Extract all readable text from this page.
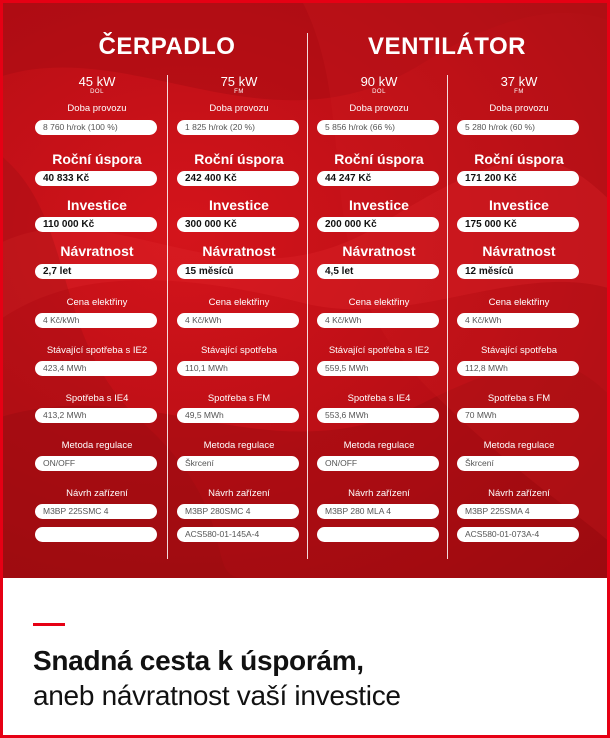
ČERPADLO	VENTILÁTOR
45 kW
DOL
Doba provozu
8 760 h/rok (100 %)
Roční úspora
40 833 Kč
Investice
110 000 Kč
Návratnost
2,7 let
Cena elektřiny
4 Kč/kWh
Stávající spotřeba s IE2
423,4 MWh
Spotřeba s IE4
413,2 MWh
Metoda regulace
ON/OFF
Návrh zařízení
M3BP 225SMC 4
75 kW
FM
Doba provozu
1 825 h/rok (20 %)
Roční úspora
242 400 Kč
Investice
300 000 Kč
Návratnost
15 měsíců
Cena elektřiny
4 Kč/kWh
Stávající spotřeba
110,1 MWh
Spotřeba s FM
49,5 MWh
Metoda regulace
Škrcení
Návrh zařízení
M3BP 280SMC 4
ACS580-01-145A-4
90 kW
DOL
Doba provozu
5 856 h/rok (66 %)
Roční úspora
44 247 Kč
Investice
200 000 Kč
Návratnost
4,5 let
Cena elektřiny
4 Kč/kWh
Stávající spotřeba s IE2
559,5 MWh
Spotřeba s IE4
553,6 MWh
Metoda regulace
ON/OFF
Návrh zařízení
M3BP 280 MLA 4
37 kW
FM
Doba provozu
5 280 h/rok (60 %)
Roční úspora
171 200 Kč
Investice
175 000 Kč
Návratnost
12 měsíců
Cena elektřiny
4 Kč/kWh
Stávající spotřeba
112,8 MWh
Spotřeba s FM
70 MWh
Metoda regulace
Škrcení
Návrh zařízení
M3BP 225SMA 4
ACS580-01-073A-4
Snadná cesta k úsporám,
aneb návratnost vaší investice
